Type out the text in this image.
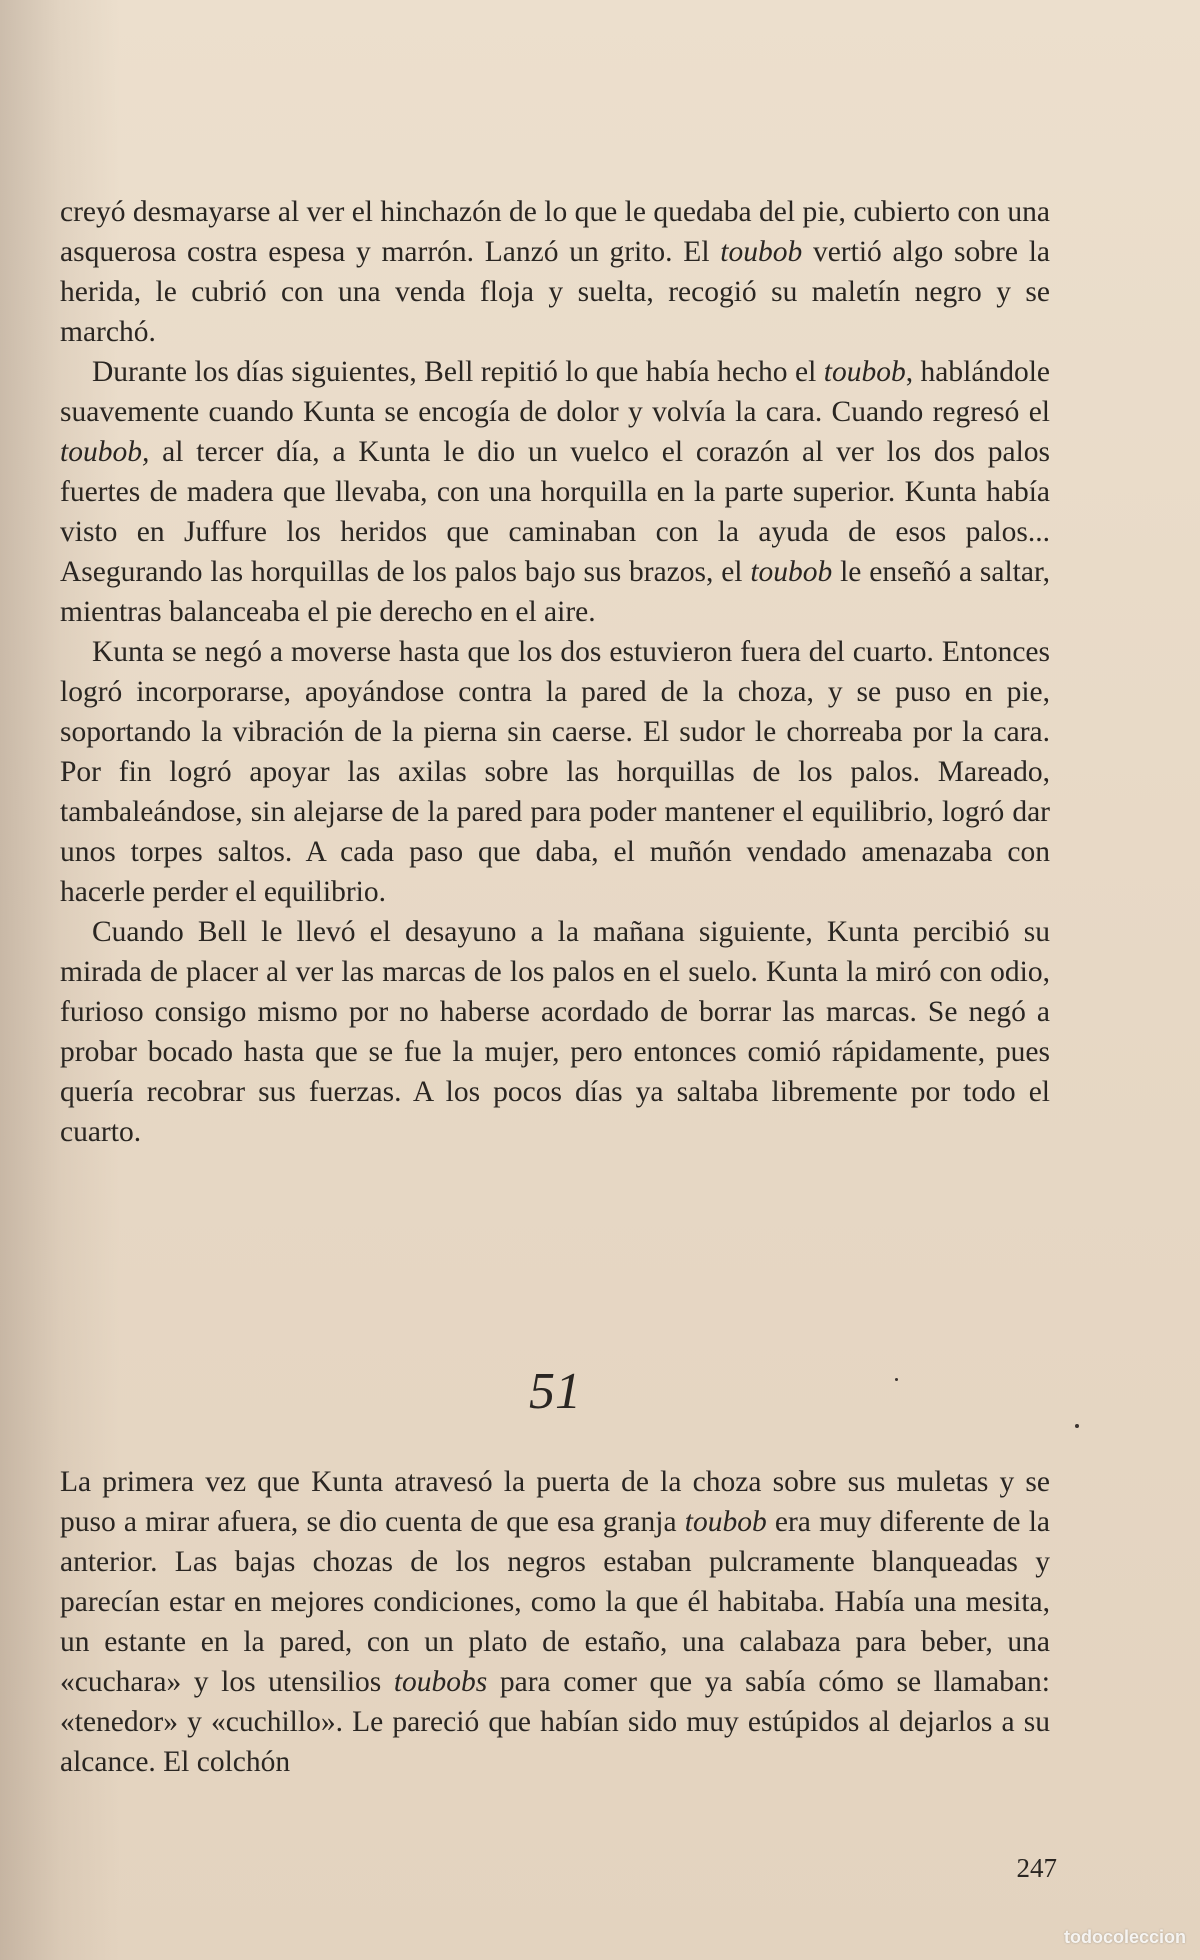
creyó desmayarse al ver el hinchazón de lo que le quedaba del pie, cubierto con una asquerosa costra espesa y marrón. Lanzó un grito. El toubob vertió algo sobre la herida, le cubrió con una venda floja y suelta, recogió su maletín negro y se marchó.

Durante los días siguientes, Bell repitió lo que había hecho el toubob, hablándole suavemente cuando Kunta se encogía de dolor y volvía la cara. Cuando regresó el toubob, al tercer día, a Kunta le dio un vuelco el corazón al ver los dos palos fuertes de madera que llevaba, con una horquilla en la parte superior. Kunta había visto en Juffure los heridos que caminaban con la ayuda de esos palos... Asegurando las horquillas de los palos bajo sus brazos, el toubob le enseñó a saltar, mientras balanceaba el pie derecho en el aire.

Kunta se negó a moverse hasta que los dos estuvieron fuera del cuarto. Entonces logró incorporarse, apoyándose contra la pared de la choza, y se puso en pie, soportando la vibración de la pierna sin caerse. El sudor le chorreaba por la cara. Por fin logró apoyar las axilas sobre las horquillas de los palos. Mareado, tambaleándose, sin alejarse de la pared para poder mantener el equilibrio, logró dar unos torpes saltos. A cada paso que daba, el muñón vendado amenazaba con hacerle perder el equilibrio.

Cuando Bell le llevó el desayuno a la mañana siguiente, Kunta percibió su mirada de placer al ver las marcas de los palos en el suelo. Kunta la miró con odio, furioso consigo mismo por no haberse acordado de borrar las marcas. Se negó a probar bocado hasta que se fue la mujer, pero entonces comió rápidamente, pues quería recobrar sus fuerzas. A los pocos días ya saltaba libremente por todo el cuarto.

51

La primera vez que Kunta atravesó la puerta de la choza sobre sus muletas y se puso a mirar afuera, se dio cuenta de que esa granja toubob era muy diferente de la anterior. Las bajas chozas de los negros estaban pulcramente blanqueadas y parecían estar en mejores condiciones, como la que él habitaba. Había una mesita, un estante en la pared, con un plato de estaño, una calabaza para beber, una «cuchara» y los utensilios toubobs para comer que ya sabía cómo se llamaban: «tenedor» y «cuchillo». Le pareció que habían sido muy estúpidos al dejarlos a su alcance. El colchón

247
todocoleccion
